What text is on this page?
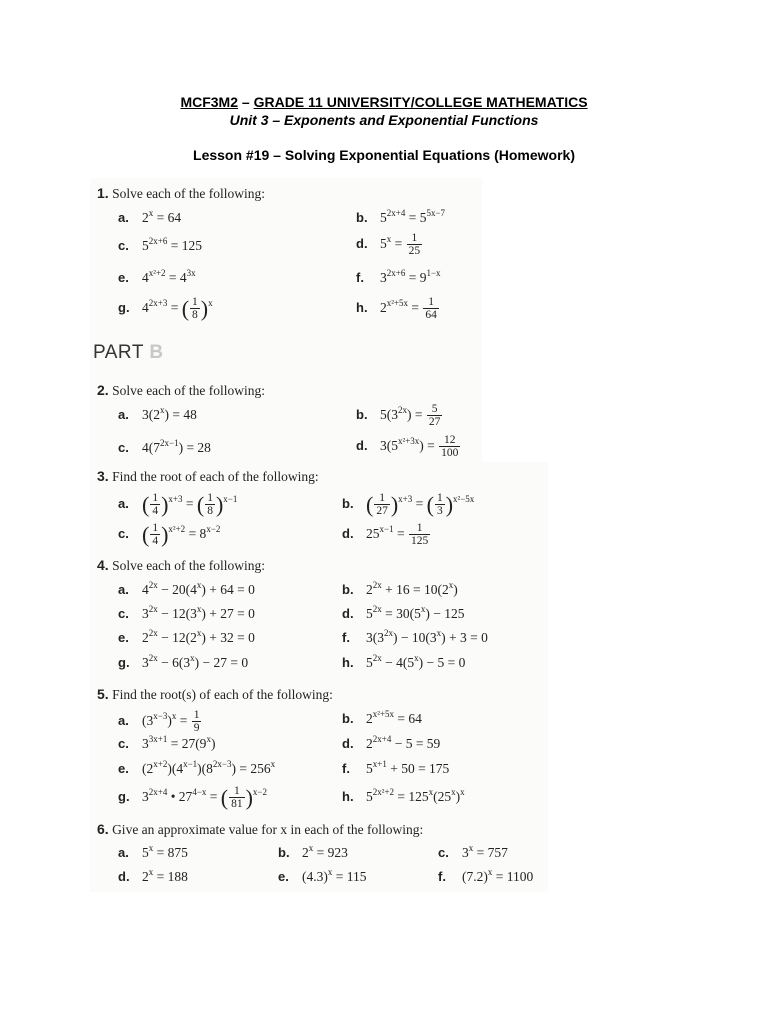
MCF3M2 – GRADE 11 UNIVERSITY/COLLEGE MATHEMATICS
Unit 3 – Exponents and Exponential Functions
Lesson #19 – Solving Exponential Equations (Homework)
PART B
1. Solve each of the following:
a. $2^x = 64$	b. $5^{2x+4} = 5^{5x-7}$
c. $5^{2x+6} = 125$	d. $5^x = \frac{1}{25}$
e. $4^{x^2+2} = 4^{3x}$	f. $3^{2x+6} = 9^{1-x}$
g. $4^{2x+3}$ = ( $\frac{1}{8} )^x$	h. $2^{x^2+5x} = \frac{1}{64}$
2. Solve each of the following:
a. $3(2^x) = 48$	b. $5(3^{2x}) = \frac{5}{27}$
c. $4(7^{2x-1}) = 28$	d. $3(5^{x^2+3x}) = \frac{12}{100}$
3. Find the root of each of the following:
a. ( $\frac{1}{4} )^{x+3}$ = ( $\frac{1}{8} )^{x-1}$	b. ( $\frac{1}{27} )^{x+3}$ = ( $\frac{1}{3} )^{x^2-5x}$
c. ( $\frac{1}{4} )^{x^2+2} = 8^{x-2}$	d. $25^{x-1} = \frac{1}{125}$
4. Solve each of the following:
a. $4^{2x} - 20(4^x) + 64 = 0$	b. $2^{2x} + 16 = 10(2^x)$
c. $3^{2x} - 12(3^x) + 27 = 0$	d. $5^{2x} = 30(5^x) - 125$
e. $2^{2x} - 12(2^x) + 32 = 0$	f. $3(3^{2x}) - 10(3^x) + 3 = 0$
g. $3^{2x} - 6(3^x) - 27 = 0$	h. $5^{2x} - 4(5^x) - 5 = 0$
5. Find the root(s) of each of the following:
a. $(3^{x-3})^x = \frac{1}{9}$	b. $2^{x^2+5x} = 64$
c. $3^{3x+1} = 27(9^x)$	d. $2^{2x+4} - 5 = 59$
e. $(2^{x+2})(4^{x-1})(8^{2x-3}) = 256^x$	f. $5^{x+1} + 50 = 175$
g. $3^{2x+4}$ • $27^{4-x}$ = ( $\frac{1}{81} )^{x-2}$	h. $5^{2x^2+2} = 125^x(25^x)^x$
6. Give an approximate value for x in each of the following:
a. $5^x = 875$	b. $2^x = 923$	c. $3^x = 757$
d. $2^x = 188$	e. $(4.3)^x = 115$	f. $(7.2)^x = 1100$
